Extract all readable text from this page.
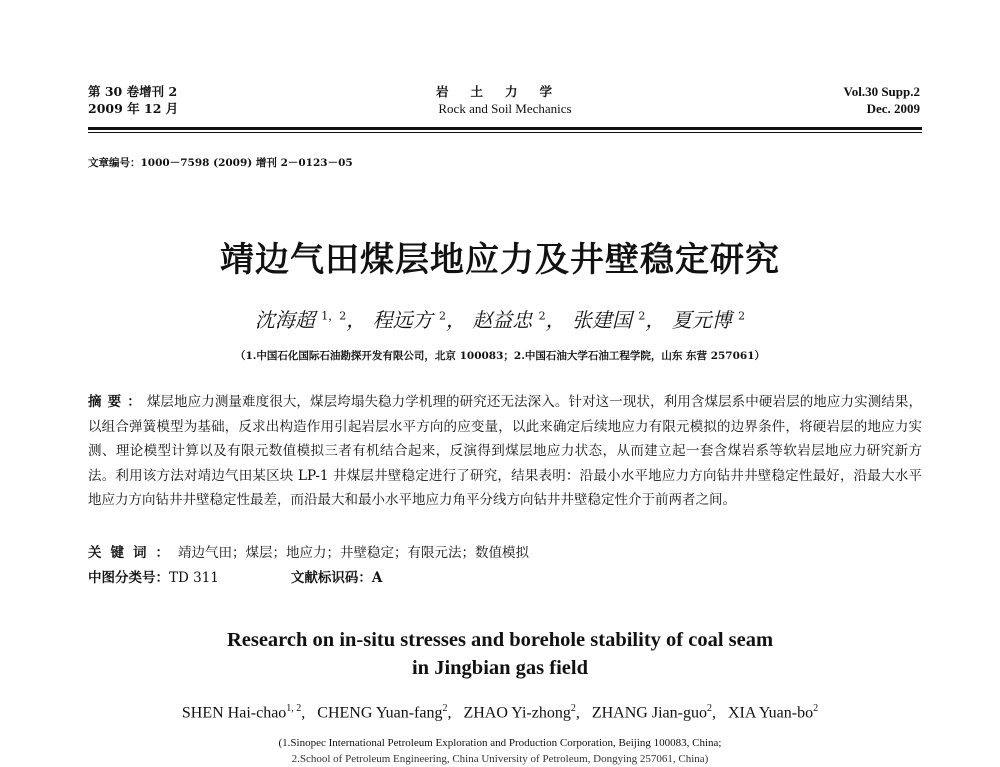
第 30 卷增刊 2
2009 年 12 月
岩土力学
Rock and Soil Mechanics
Vol.30 Supp.2
Dec. 2009
文章编号：1000－7598 (2009) 增刊 2－0123－05
靖边气田煤层地应力及井壁稳定研究
沈海超 $^{1,2}$， 程远方 $^2$， 赵益忠 $^2$， 张建国 $^2$， 夏元博 $^2$
（1.中国石化国际石油勘探开发有限公司，北京 100083；2.中国石油大学石油工程学院，山东 东营 257061）
摘要：煤层地应力测量难度很大，煤层垮塌失稳力学机理的研究还无法深入。针对这一现状，利用含煤层系中硬岩层的地应力实测结果，以组合弹簧模型为基础，反求出构造作用引起岩层水平方向的应变量，以此来确定后续地应力有限元模拟的边界条件，将硬岩层的地应力实测、理论模型计算以及有限元数值模拟三者有机结合起来，反演得到煤层地应力状态，从而建立起一套含煤岩系等软岩层地应力研究新方法。利用该方法对靖边气田某区块 LP-1 井煤层井壁稳定进行了研究，结果表明：沿最小水平地应力方向钻井井壁稳定性最好，沿最大水平地应力方向钻井井壁稳定性最差，而沿最大和最小水平地应力角平分线方向钻井井壁稳定性介于前两者之间。
关键词：靖边气田；煤层；地应力；井壁稳定；有限元法；数值模拟
中图分类号：TD 311	文献标识码：A
Research on in-situ stresses and borehole stability of coal seam
in Jingbian gas field
SHEN Hai-chao$^{1, 2}$,   CHENG Yuan-fang$^2$,   ZHAO Yi-zhong$^2$,   ZHANG Jian-guo$^2$,   XIA Yuan-$bo^2$
(1.Sinopec International Petroleum Exploration and Production Corporation, Beijing 100083, China;
2.School of Petroleum Engineering, China University of Petroleum, Dongying 257061, China)
